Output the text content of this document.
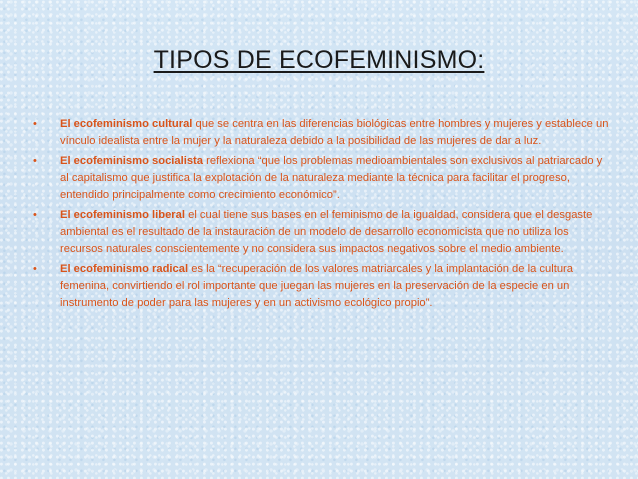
TIPOS DE ECOFEMINISMO:
• El ecofeminismo cultural que se centra en las diferencias biológicas entre hombres y mujeres y establece un vínculo idealista entre la mujer y la naturaleza debido a la posibilidad de las mujeres de dar a luz.
• El ecofeminismo socialista reflexiona “que los problemas medioambientales son exclusivos al patriarcado y al capitalismo que justifica la explotación de la naturaleza mediante la técnica para facilitar el progreso, entendido principalmente como crecimiento económico”.
• El ecofeminismo liberal el cual tiene sus bases en el feminismo de la igualdad, considera que el desgaste ambiental es el resultado de la instauración de un modelo de desarrollo economicista que no utiliza los recursos naturales conscientemente y no considera sus impactos negativos sobre el medio ambiente.
• El ecofeminismo radical es la “recuperación de los valores matriarcales y la implantación de la cultura femenina, convirtiendo el rol importante que juegan las mujeres en la preservación de la especie en un instrumento de poder para las mujeres y en un activismo ecológico propio”.
